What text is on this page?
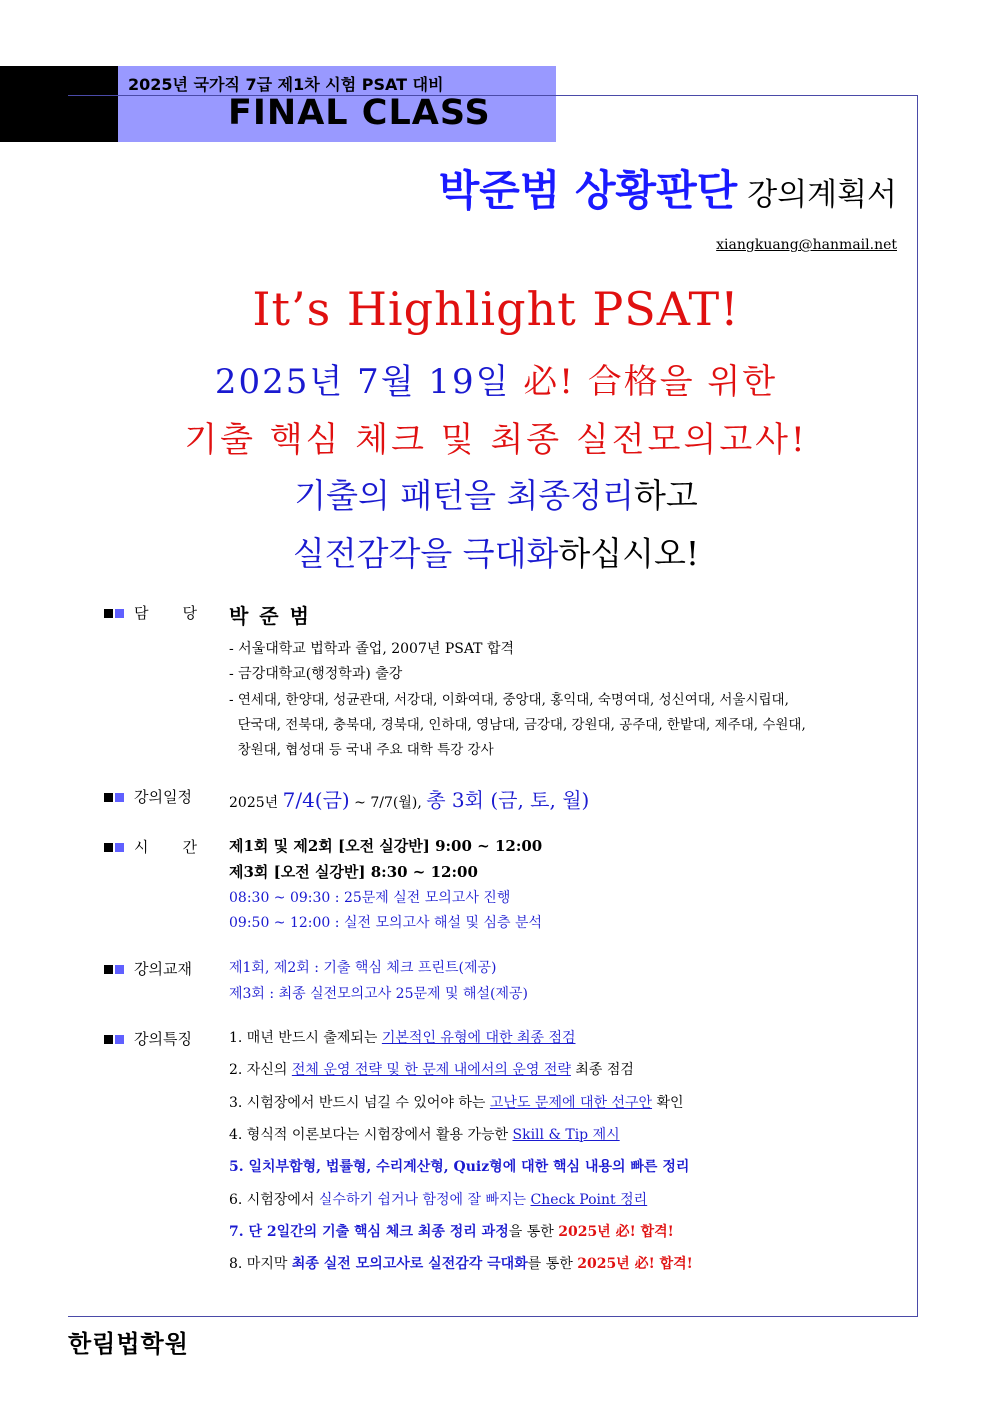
2025년 국가직 7급 제1차 시험 PSAT 대비
FINAL CLASS
박준범 상황판단 강의계획서
xiangkuang@hanmail.net
It’s Highlight PSAT!
2025년 7월 19일 必! 合格을 위한
기출 핵심 체크 및 최종 실전모의고사!
기출의 패턴을 최종정리하고
실전감각을 극대화하십시오!
담 당 박 준 범
- 서울대학교 법학과 졸업, 2007년 PSAT 합격
- 금강대학교(행정학과) 출강
- 연세대, 한양대, 성균관대, 서강대, 이화여대, 중앙대, 홍익대, 숙명여대, 성신여대, 서울시립대,
단국대, 전북대, 충북대, 경북대, 인하대, 영남대, 금강대, 강원대, 공주대, 한밭대, 제주대, 수원대,
창원대, 협성대 등 국내 주요 대학 특강 강사
강의일정	2025년 7/4(금) ~ 7/7(월), 총 3회 (금, 토, 월)
시 간 제1회 및 제2회 [오전 실강반] 9:00 ~ 12:00
제3회 [오전 실강반] 8:30 ~ 12:00
08:30 ~ 09:30 : 25문제 실전 모의고사 진행
09:50 ~ 12:00 : 실전 모의고사 해설 및 심층 분석
강의교재	제1회, 제2회 : 기출 핵심 체크 프린트(제공)
제3회 : 최종 실전모의고사 25문제 및 해설(제공)
강의특징	1. 매년 반드시 출제되는 기본적인 유형에 대한 최종 점검
2. 자신의 전체 운영 전략 및 한 문제 내에서의 운영 전략 최종 점검
3. 시험장에서 반드시 넘길 수 있어야 하는 고난도 문제에 대한 선구안 확인
4. 형식적 이론보다는 시험장에서 활용 가능한 Skill & Tip 제시
5. 일치부합형, 법률형, 수리계산형, Quiz형에 대한 핵심 내용의 빠른 정리
6. 시험장에서 실수하기 쉽거나 함정에 잘 빠지는 Check Point 정리
7. 단 2일간의 기출 핵심 체크 최종 정리 과정을 통한 2025년 必! 합격!
8. 마지막 최종 실전 모의고사로 실전감각 극대화를 통한 2025년 必! 합격!
한림법학원
